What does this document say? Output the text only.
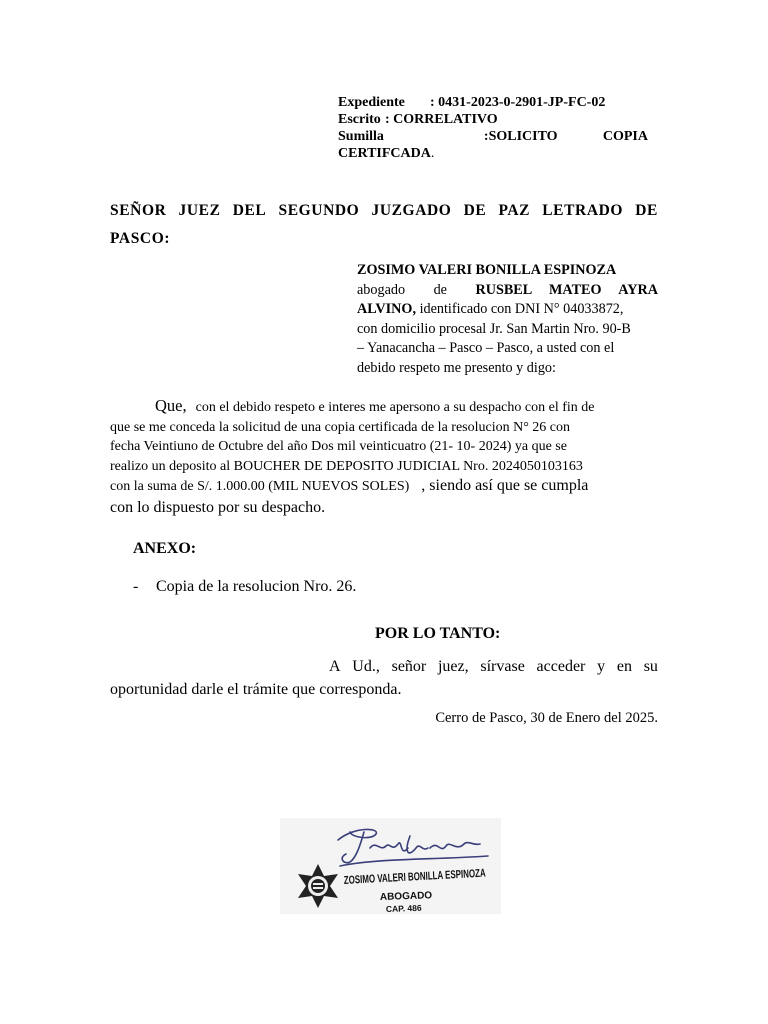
Expediente	: 0431-2023-0-2901-JP-FC-02
Escrito : CORRELATIVO
Sumilla	:SOLICITO	COPIA
CERTIFCADA.
SEÑOR JUEZ DEL SEGUNDO JUZGADO DE PAZ LETRADO DE
PASCO:
ZOSIMO VALERI BONILLA ESPINOZA
abogado de RUSBEL MATEO AYRA
ALVINO, identificado con DNI N° 04033872,
con domicilio procesal Jr. San Martin Nro. 90-B
– Yanacancha – Pasco – Pasco, a usted con el
debido respeto me presento y digo:
Que, con el debido respeto e interes me apersono a su despacho con el fin de
que se me conceda la solicitud de una copia certificada de la resolucion N° 26 con
fecha Veintiuno de Octubre del año Dos mil veinticuatro (21- 10- 2024) ya que se
realizo un deposito al BOUCHER DE DEPOSITO JUDICIAL Nro. 2024050103163
con la suma de S/. 1.000.00 (MIL NUEVOS SOLES) , siendo así que se cumpla
con lo dispuesto por su despacho.
ANEXO:
-	Copia de la resolucion Nro. 26.
POR LO TANTO:
A Ud., señor juez, sírvase acceder y en su
oportunidad darle el trámite que corresponda.
Cerro de Pasco, 30 de Enero del 2025.
ZOSIMO VALERI BONILLA ESPINOZA
ABOGADO
CAP. 486
